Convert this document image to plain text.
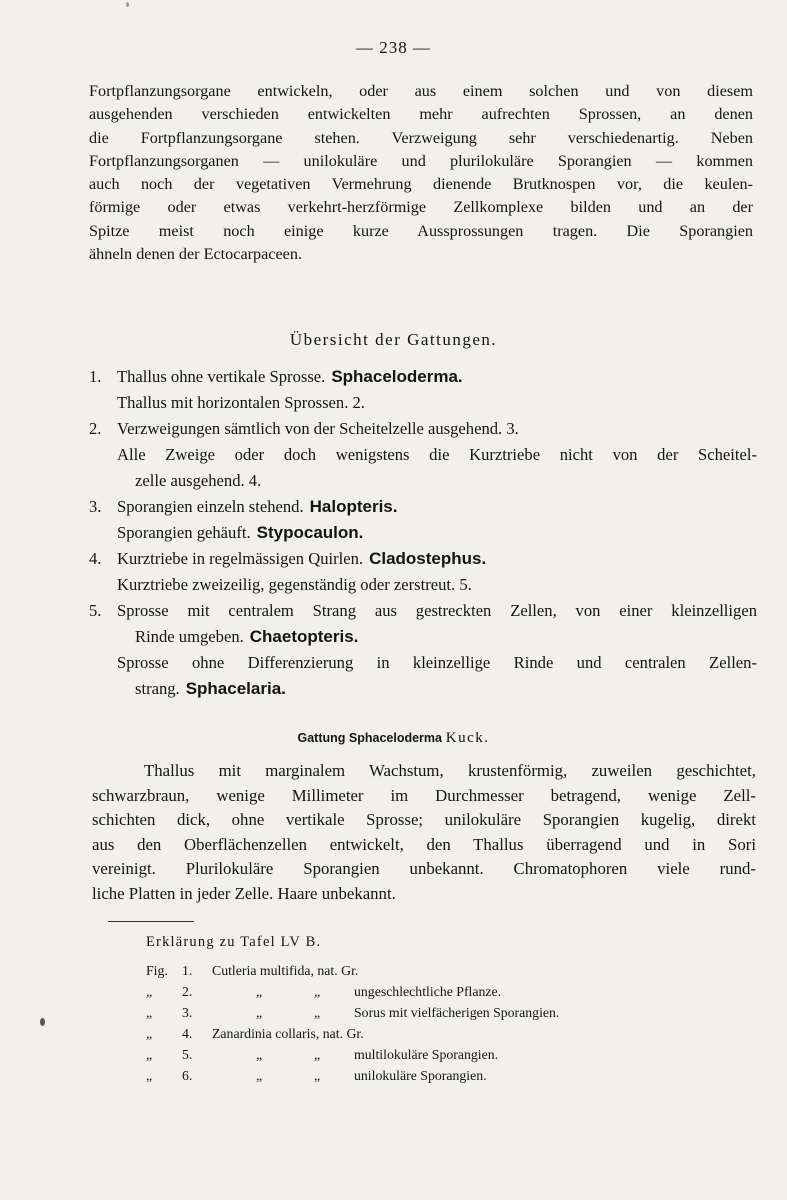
— 238 —
Fortpflanzungsorgane entwickeln, oder aus einem solchen und von diesem
ausgehenden verschieden entwickelten mehr aufrechten Sprossen, an denen
die Fortpflanzungsorgane stehen. Verzweigung sehr verschiedenartig. Neben
Fortpflanzungsorganen — unilokuläre und plurilokuläre Sporangien — kommen
auch noch der vegetativen Vermehrung dienende Brutknospen vor, die keulen-
förmige oder etwas verkehrt-herzförmige Zellkomplexe bilden und an der
Spitze meist noch einige kurze Aussprossungen tragen. Die Sporangien
ähneln denen der Ectocarpaceen.
Übersicht der Gattungen.
1. Thallus ohne vertikale Sprosse. Sphaceloderma.
Thallus mit horizontalen Sprossen. 2.
2. Verzweigungen sämtlich von der Scheitelzelle ausgehend. 3.
Alle Zweige oder doch wenigstens die Kurztriebe nicht von der Scheitel-
zelle ausgehend. 4.
3. Sporangien einzeln stehend. Halopteris.
Sporangien gehäuft. Stypocaulon.
4. Kurztriebe in regelmässigen Quirlen. Cladostephus.
Kurztriebe zweizeilig, gegenständig oder zerstreut. 5.
5. Sprosse mit centralem Strang aus gestreckten Zellen, von einer kleinzelligen
Rinde umgeben. Chaetopteris.
Sprosse ohne Differenzierung in kleinzellige Rinde und centralen Zellen-
strang. Sphacelaria.
Gattung Sphaceloderma Kuck.
Thallus mit marginalem Wachstum, krustenförmig, zuweilen geschichtet,
schwarzbraun, wenige Millimeter im Durchmesser betragend, wenige Zell-
schichten dick, ohne vertikale Sprosse; unilokuläre Sporangien kugelig, direkt
aus den Oberflächenzellen entwickelt, den Thallus überragend und in Sori
vereinigt. Plurilokuläre Sporangien unbekannt. Chromatophoren viele rund-
liche Platten in jeder Zelle. Haare unbekannt.
Erklärung zu Tafel LV B.
Fig. 1. Cutleria multifida, nat. Gr.
„ 2.	„	„ ungeschlechtliche Pflanze.
„ 3.	„	„ Sorus mit vielfächerigen Sporangien.
„ 4. Zanardinia collaris, nat. Gr.
„ 5.	„	„ multilokuläre Sporangien.
„ 6.	„	„ unilokuläre Sporangien.
